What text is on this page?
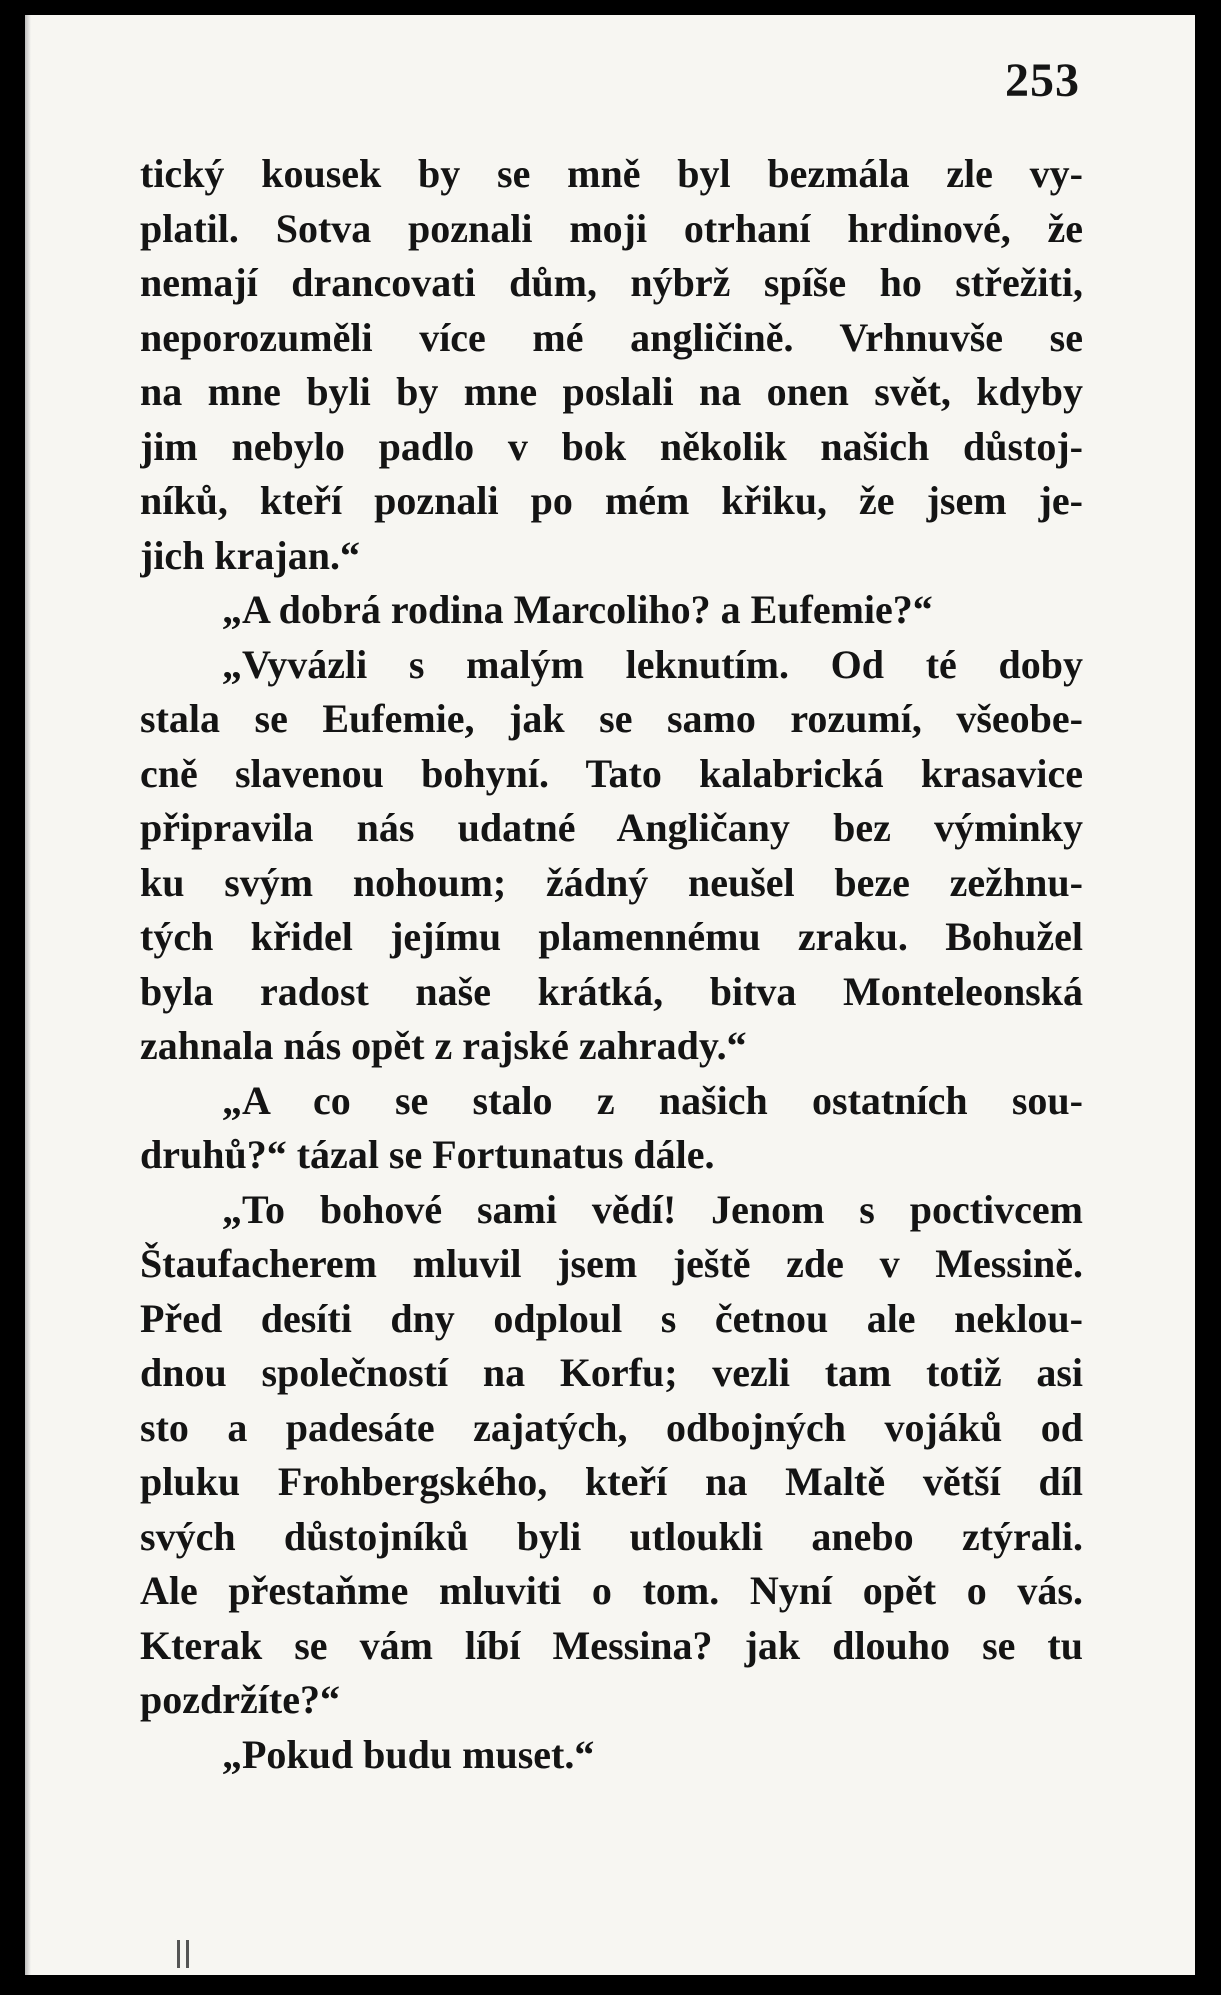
253
tický kousek by se mně byl bezmála zle vy-
platil. Sotva poznali moji otrhaní hrdinové, že
nemají drancovati dům, nýbrž spíše ho střežiti,
neporozuměli více mé angličině. Vrhnuvše se
na mne byli by mne poslali na onen svět, kdyby
jim nebylo padlo v bok několik našich důstoj-
níků, kteří poznali po mém křiku, že jsem je-
jich krajan.“
„A dobrá rodina Marcoliho? a Eufemie?“
„Vyvázli s malým leknutím. Od té doby
stala se Eufemie, jak se samo rozumí, všeobe-
cně slavenou bohyní. Tato kalabrická krasavice
připravila nás udatné Angličany bez výminky
ku svým nohoum; žádný neušel beze zežhnu-
tých křidel jejímu plamennému zraku. Bohužel
byla radost naše krátká, bitva Monteleonská
zahnala nás opět z rajské zahrady.“
„A co se stalo z našich ostatních sou-
druhů?“ tázal se Fortunatus dále.
„To bohové sami vědí! Jenom s poctivcem
Štaufacherem mluvil jsem ještě zde v Messině.
Před desíti dny odploul s četnou ale neklou-
dnou společností na Korfu; vezli tam totiž asi
sto a padesáte zajatých, odbojných vojáků od
pluku Frohbergského, kteří na Maltě větší díl
svých důstojníků byli utloukli anebo ztýrali.
Ale přestaňme mluviti o tom. Nyní opět o vás.
Kterak se vám líbí Messina? jak dlouho se tu
pozdržíte?“
„Pokud budu muset.“
